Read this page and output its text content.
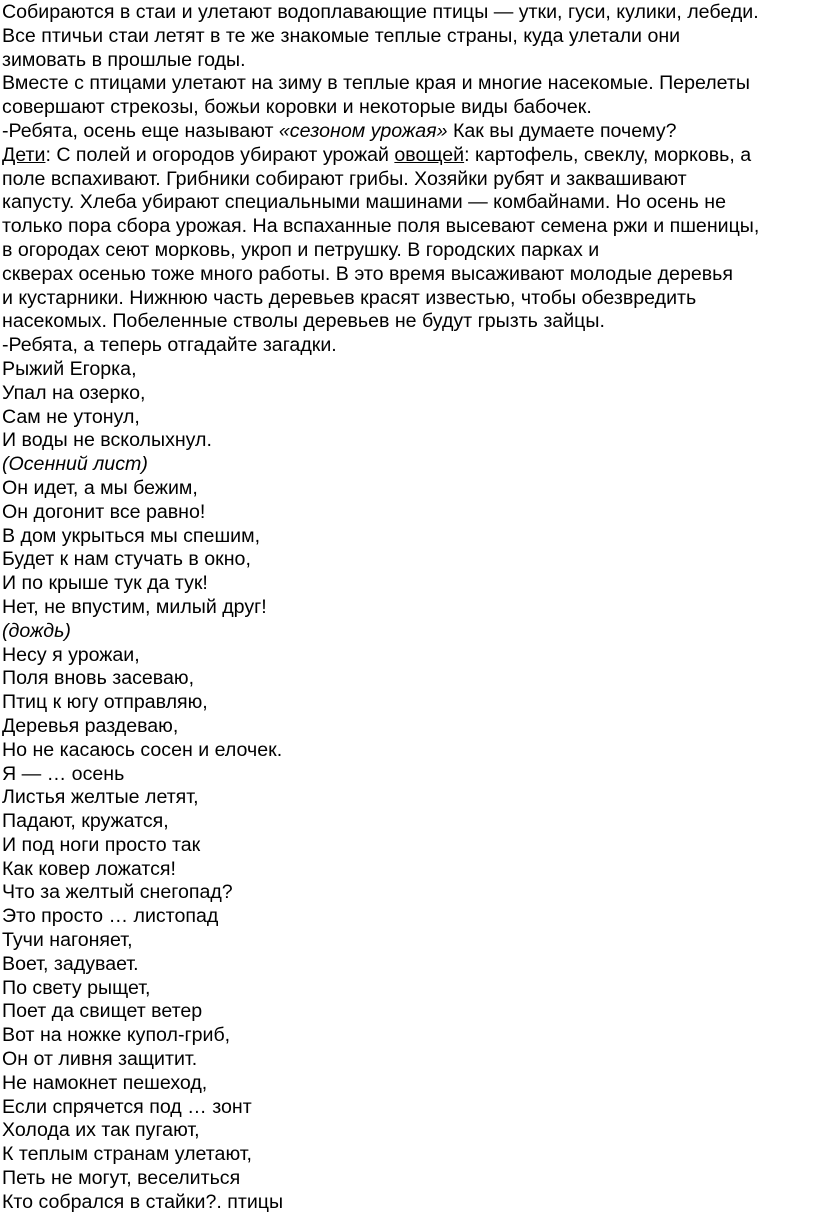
Собираются в стаи и улетают водоплавающие птицы — утки, гуси, кулики, лебеди.
Все птичьи стаи летят в те же знакомые теплые страны, куда улетали они
зимовать в прошлые годы.
Вместе с птицами улетают на зиму в теплые края и многие насекомые. Перелеты
совершают стрекозы, божьи коровки и некоторые виды бабочек.
-Ребята, осень еще называют «сезоном урожая» Как вы думаете почему?
Дети: С полей и огородов убирают урожай овощей: картофель, свеклу, морковь, а
поле вспахивают. Грибники собирают грибы. Хозяйки рубят и заквашивают
капусту. Хлеба убирают специальными машинами — комбайнами. Но осень не
только пора сбора урожая. На вспаханные поля высевают семена ржи и пшеницы,
в огородах сеют морковь, укроп и петрушку. В городских парках и
скверах осенью тоже много работы. В это время высаживают молодые деревья
и кустарники. Нижнюю часть деревьев красят известью, чтобы обезвредить
насекомых. Побеленные стволы деревьев не будут грызть зайцы.
-Ребята, а теперь отгадайте загадки.
Рыжий Егорка,
Упал на озерко,
Сам не утонул,
И воды не всколыхнул.
(Осенний лист)
Он идет, а мы бежим,
Он догонит все равно!
В дом укрыться мы спешим,
Будет к нам стучать в окно,
И по крыше тук да тук!
Нет, не впустим, милый друг!
(дождь)
Несу я урожаи,
Поля вновь засеваю,
Птиц к югу отправляю,
Деревья раздеваю,
Но не касаюсь сосен и елочек.
Я — … осень
Листья желтые летят,
Падают, кружатся,
И под ноги просто так
Как ковер ложатся!
Что за желтый снегопад?
Это просто … листопад
Тучи нагоняет,
Воет, задувает.
По свету рыщет,
Поет да свищет ветер
Вот на ножке купол-гриб,
Он от ливня защитит.
Не намокнет пешеход,
Если спрячется под … зонт
Холода их так пугают,
К теплым странам улетают,
Петь не могут, веселиться
Кто собрался в стайки?. птицы
